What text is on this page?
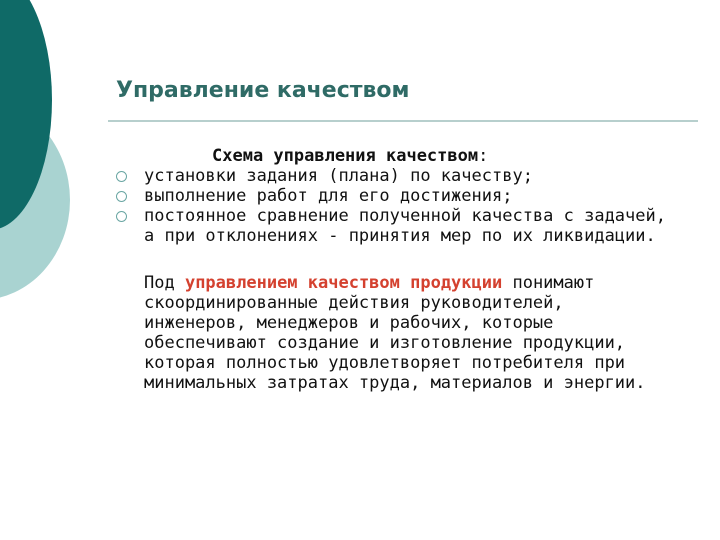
Управление качеством
Схема управления качеством:
установки задания (плана) по качеству;
выполнение работ для его достижения;
постоянное сравнение полученной качества с задачей, а при отклонениях - принятия мер по их ликвидации.
Под управлением качеством продукции понимают скоординированные действия руководителей, инженеров, менеджеров и рабочих, которые обеспечивают создание и изготовление продукции, которая полностью удовлетворяет потребителя при минимальных затратах труда, материалов и энергии.
